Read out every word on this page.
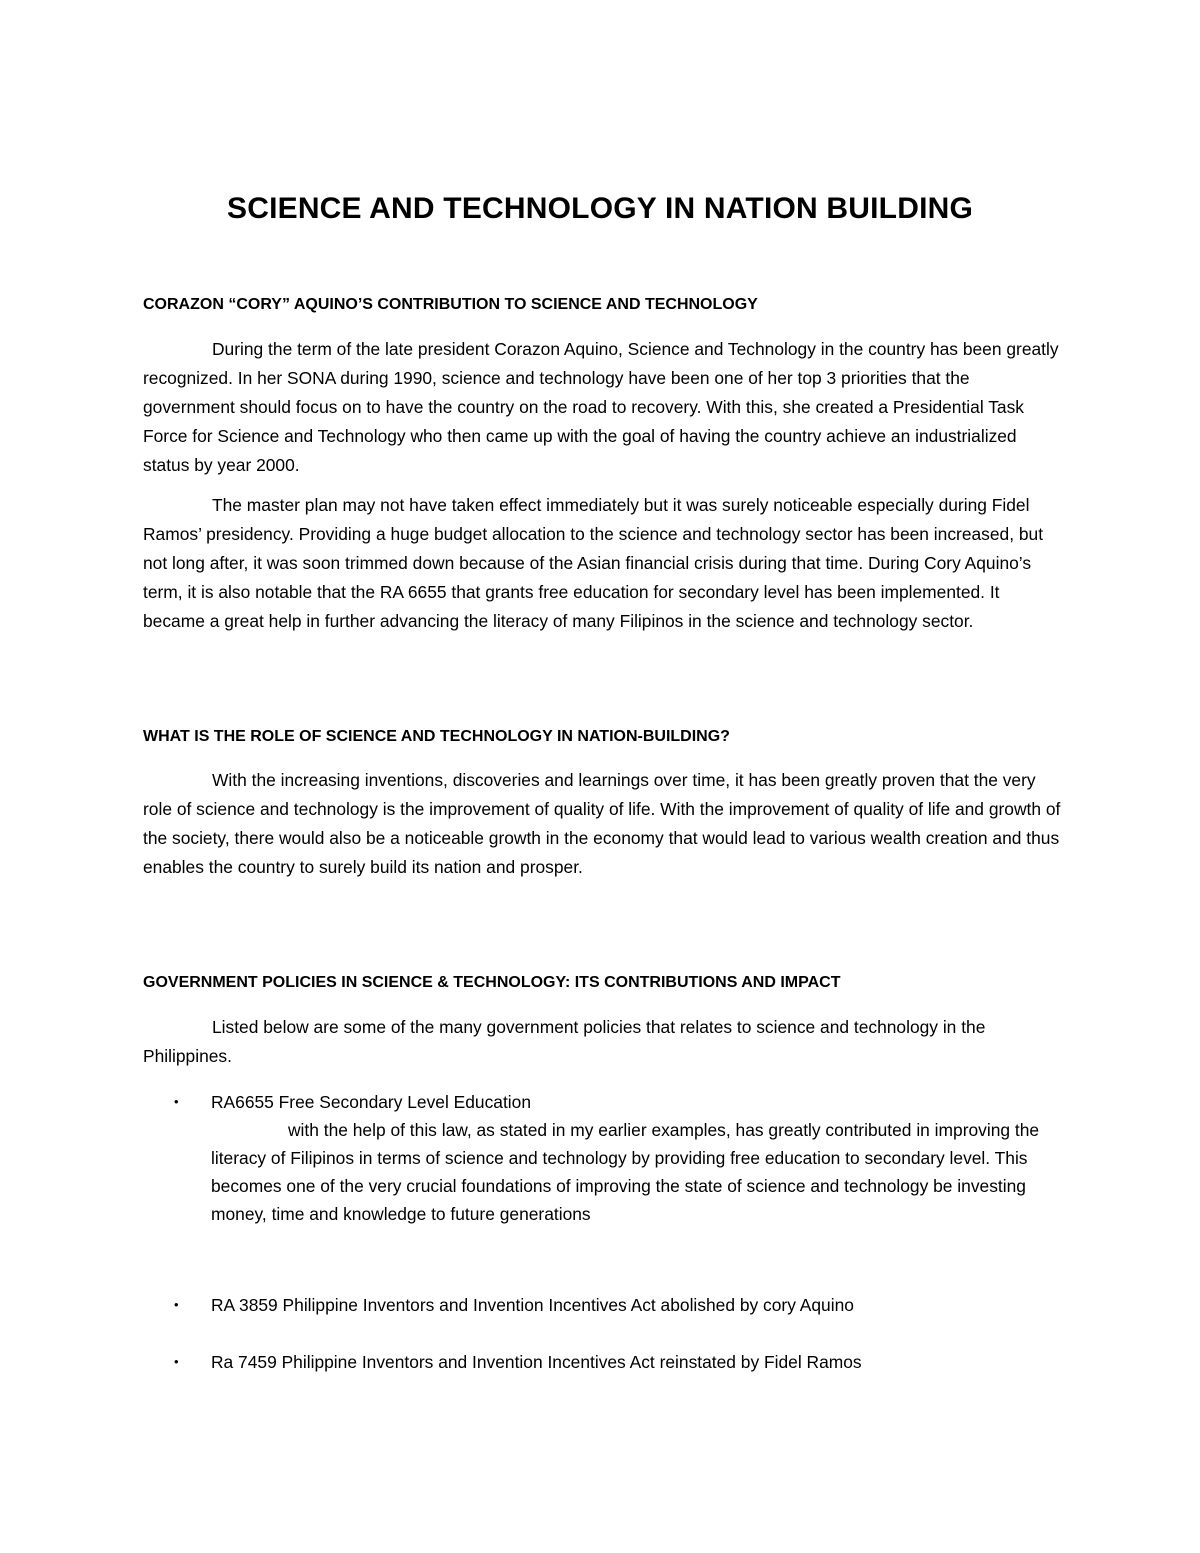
SCIENCE AND TECHNOLOGY IN NATION BUILDING
CORAZON “CORY” AQUINO’S CONTRIBUTION TO SCIENCE AND TECHNOLOGY
During the term of the late president Corazon Aquino, Science and Technology in the country has been greatly recognized. In her SONA during 1990, science and technology have been one of her top 3 priorities that the government should focus on to have the country on the road to recovery. With this, she created a Presidential Task Force for Science and Technology who then came up with the goal of having the country achieve an industrialized status by year 2000.
The master plan may not have taken effect immediately but it was surely noticeable especially during Fidel Ramos’ presidency. Providing a huge budget allocation to the science and technology sector has been increased, but not long after, it was soon trimmed down because of the Asian financial crisis during that time. During Cory Aquino’s term, it is also notable that the RA 6655 that grants free education for secondary level has been implemented. It became a great help in further advancing the literacy of many Filipinos in the science and technology sector.
WHAT IS THE ROLE OF SCIENCE AND TECHNOLOGY IN NATION-BUILDING?
With the increasing inventions, discoveries and learnings over time, it has been greatly proven that the very role of science and technology is the improvement of quality of life. With the improvement of quality of life and growth of the society, there would also be a noticeable growth in the economy that would lead to various wealth creation and thus enables the country to surely build its nation and prosper.
GOVERNMENT POLICIES IN SCIENCE & TECHNOLOGY: ITS CONTRIBUTIONS AND IMPACT
Listed below are some of the many government policies that relates to science and technology in the Philippines.
• RA6655 Free Secondary Level Education
with the help of this law, as stated in my earlier examples, has greatly contributed in improving the literacy of Filipinos in terms of science and technology by providing free education to secondary level. This becomes one of the very crucial foundations of improving the state of science and technology be investing money, time and knowledge to future generations
• RA 3859 Philippine Inventors and Invention Incentives Act abolished by cory Aquino
• Ra 7459 Philippine Inventors and Invention Incentives Act reinstated by Fidel Ramos
